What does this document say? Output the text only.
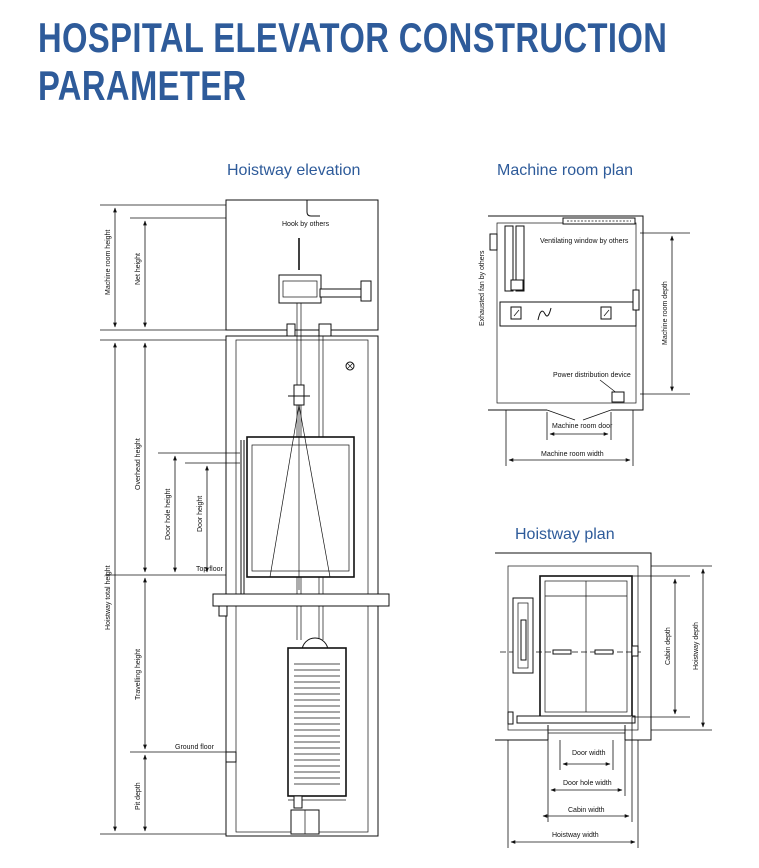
HOSPITAL ELEVATOR CONSTRUCTION
PARAMETER
Hoistway elevation
Hook by others
Top floor
Ground floor
Machine room height	Net height
Overhead height
Door hole height	Door height
Hoistway total height
Travelling height
Pit depth
Machine room plan
Ventilating window by others
Exhausted fan by others
Power distribution device
Machine room depth
Machine room door
Machine room width
Hoistway plan
Cabin depth	Hoistway depth
Door width
Door hole width
Cabin width
Hoistway width
